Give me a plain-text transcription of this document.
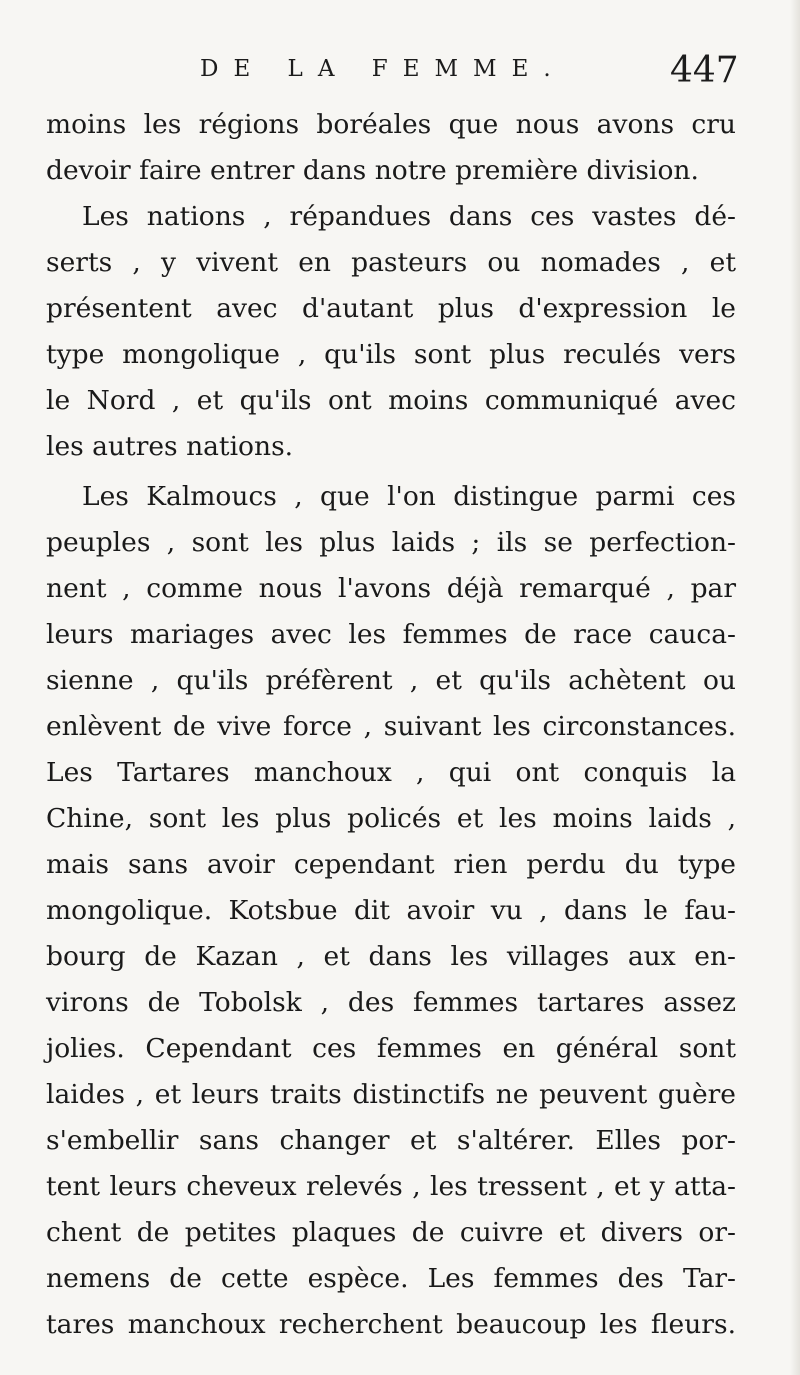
DE LA FEMME.	447
moins les régions boréales que nous avons cru
devoir faire entrer dans notre première division.
Les nations , répandues dans ces vastes dé-
serts , y vivent en pasteurs ou nomades , et
présentent avec d'autant plus d'expression le
type mongolique , qu'ils sont plus reculés vers
le Nord , et qu'ils ont moins communiqué avec
les autres nations.
Les Kalmoucs , que l'on distingue parmi ces
peuples , sont les plus laids ; ils se perfection-
nent , comme nous l'avons déjà remarqué , par
leurs mariages avec les femmes de race cauca-
sienne , qu'ils préfèrent , et qu'ils achètent ou
enlèvent de vive force , suivant les circonstances.
Les Tartares manchoux , qui ont conquis la
Chine, sont les plus policés et les moins laids ,
mais sans avoir cependant rien perdu du type
mongolique. Kotsbue dit avoir vu , dans le fau-
bourg de Kazan , et dans les villages aux en-
virons de Tobolsk , des femmes tartares assez
jolies. Cependant ces femmes en général sont
laides , et leurs traits distinctifs ne peuvent guère
s'embellir sans changer et s'altérer. Elles por-
tent leurs cheveux relevés , les tressent , et y atta-
chent de petites plaques de cuivre et divers or-
nemens de cette espèce. Les femmes des Tar-
tares manchoux recherchent beaucoup les fleurs.
